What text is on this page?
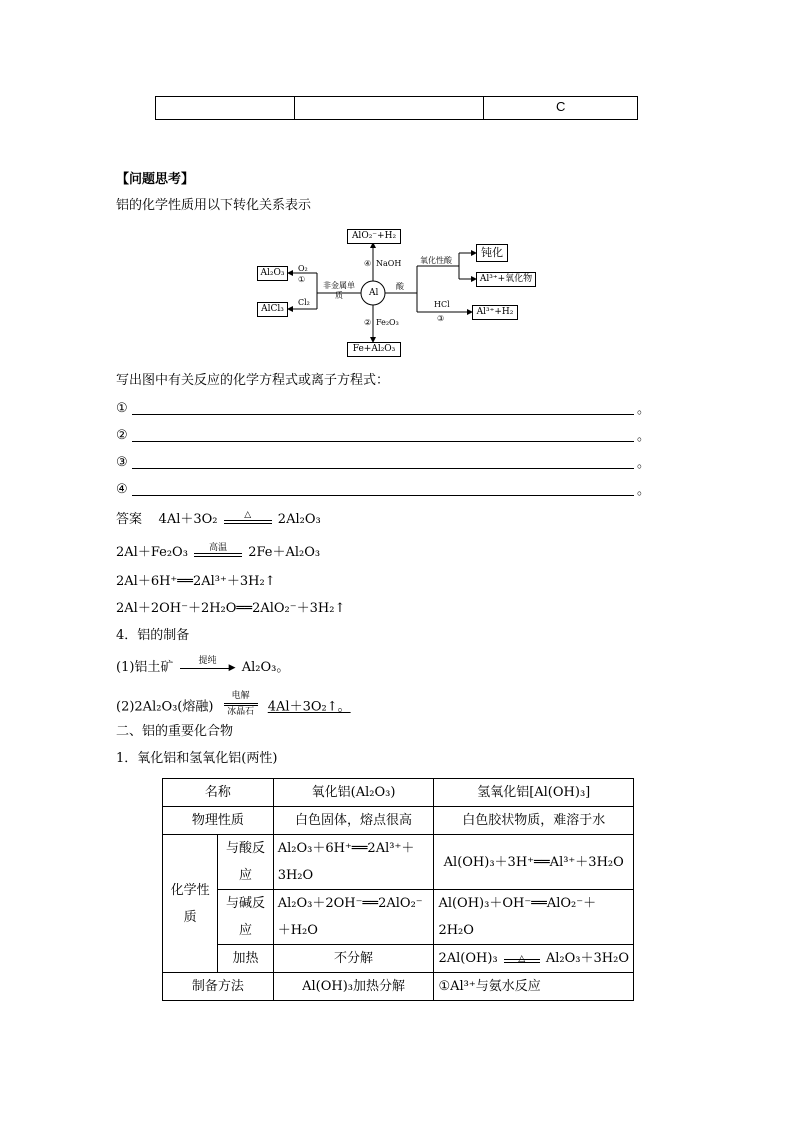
C
【问题思考】
铝的化学性质用以下转化关系表示
Al
AlO₂⁻+H₂
④ NaOH
Fe+Al₂O₃
② Fe₂O₃
非金属单质
Al₂O₃	O₂
①
AlCl₃
Cl₂
酸
氧化性酸
钝化
Al³⁺+氧化物
HCl
③
Al³⁺+H₂
写出图中有关反应的化学方程式或离子方程式：
①	。
②	。
③	。
④	。
答案 4Al＋3O₂	△	2Al₂O₃
2Al＋Fe₂O₃	高温	2Fe＋Al₂O₃
2Al＋6H⁺══2Al³⁺＋3H₂↑
2Al＋2OH⁻＋2H₂O══2AlO₂⁻＋3H₂↑
4．铝的制备
(1)铝土矿	提纯
▶ Al₂O₃。
(2)2Al₂O₃(熔融)
电解
冰晶石 4Al＋3O₂↑。
二、铝的重要化合物
1．氧化铝和氢氧化铝(两性)
名称		氧化铝(Al₂O₃)	氢氧化铝[Al(OH)₃]
物理性质		白色固体，熔点很高	白色胶状物质，难溶于水
化学性质	与酸反应	Al₂O₃＋6H⁺══2Al³⁺＋3H₂O	Al(OH)₃＋3H⁺══Al³⁺＋3H₂O
	与碱反应	Al₂O₃＋2OH⁻══2AlO₂⁻＋H₂O	Al(OH)₃＋OH⁻══AlO₂⁻＋2H₂O
	加热	不分解	2Al(OH)₃ △ Al₂O₃＋3H₂O
制备方法		Al(OH)₃加热分解	①Al³⁺与氨水反应
